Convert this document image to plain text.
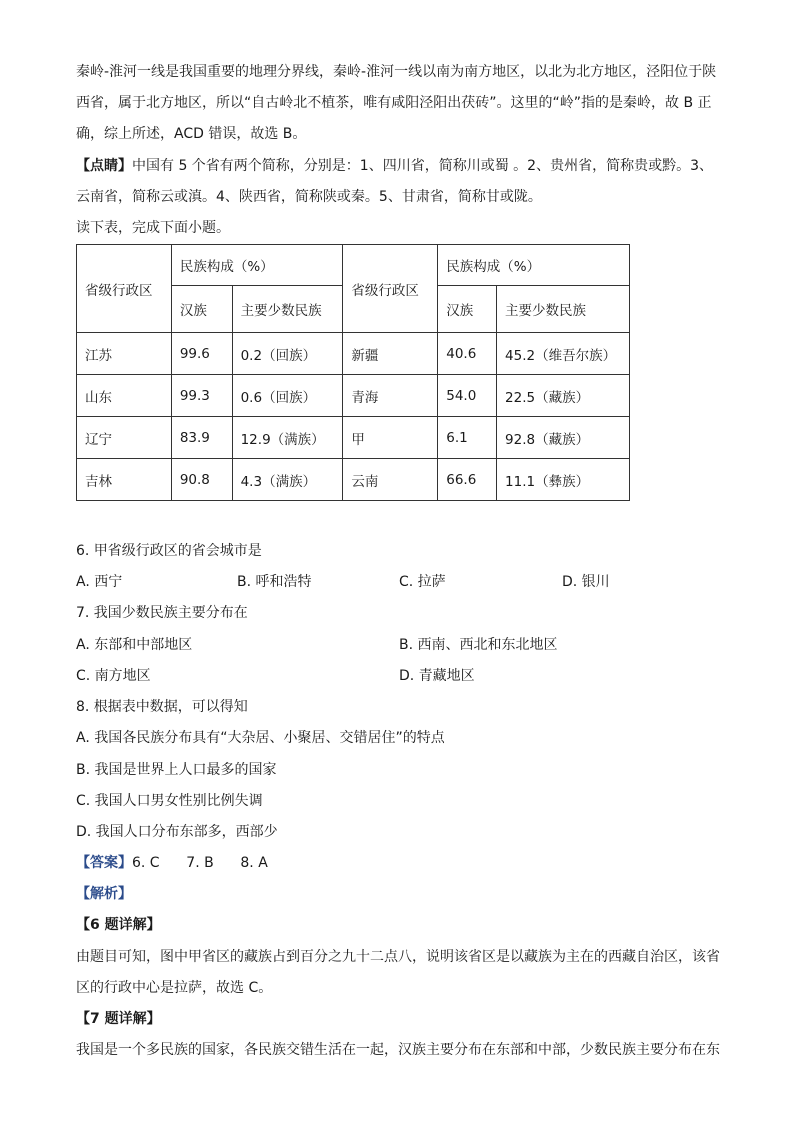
秦岭-淮河一线是我国重要的地理分界线，秦岭-淮河一线以南为南方地区，以北为北方地区，泾阳位于陕
西省，属于北方地区，所以“自古岭北不植茶，唯有咸阳泾阳出茯砖”。这里的“岭”指的是秦岭，故 B 正
确，综上所述，ACD 错误，故选 B。
【点睛】中国有 5 个省有两个简称，分别是：1、四川省，简称川或蜀 。2、贵州省，简称贵或黔。3、
云南省，简称云或滇。4、陕西省，简称陕或秦。5、甘肃省，简称甘或陇。
读下表，完成下面小题。
省级行政区	民族构成（%）		省级行政区	民族构成（%）	
	汉族	主要少数民族		汉族	主要少数民族
江苏	99.6	0.2（回族）	新疆	40.6	45.2（维吾尔族）
山东	99.3	0.6（回族）	青海	54.0	22.5（藏族）
辽宁	83.9	12.9（满族）	甲	6.1	92.8（藏族）
吉林	90.8	4.3（满族）	云南	66.6	11.1（彝族）
6. 甲省级行政区的省会城市是
A. 西宁	B. 呼和浩特	C. 拉萨	D. 银川
7. 我国少数民族主要分布在
A. 东部和中部地区	B. 西南、西北和东北地区
C. 南方地区	D. 青藏地区
8. 根据表中数据，可以得知
A. 我国各民族分布具有“大杂居、小聚居、交错居住”的特点
B. 我国是世界上人口最多的国家
C. 我国人口男女性别比例失调
D. 我国人口分布东部多，西部少
【答案】6. C      7. B      8. A
【解析】
【6 题详解】
由题目可知，图中甲省区的藏族占到百分之九十二点八，说明该省区是以藏族为主在的西藏自治区，该省
区的行政中心是拉萨，故选 C。
【7 题详解】
我国是一个多民族的国家，各民族交错生活在一起，汉族主要分布在东部和中部，少数民族主要分布在东
